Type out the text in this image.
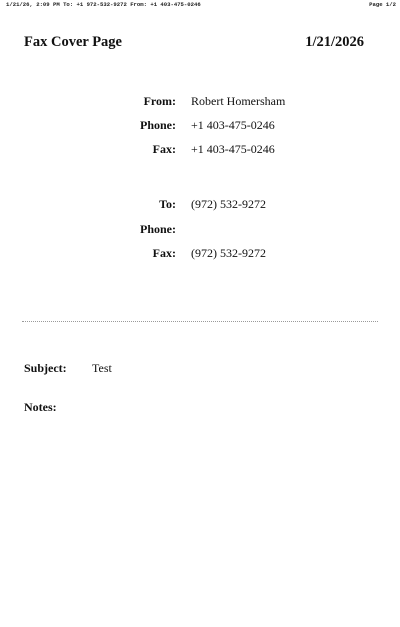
1/21/26, 2:09 PM To: +1 972-532-9272 From: +1 403-475-0246	Page 1/2
Fax Cover Page	1/21/2026
From: Robert Homersham
Phone: +1 403-475-0246
Fax: +1 403-475-0246
To: (972) 532-9272
Phone:
Fax: (972) 532-9272
Subject: Test
Notes:
